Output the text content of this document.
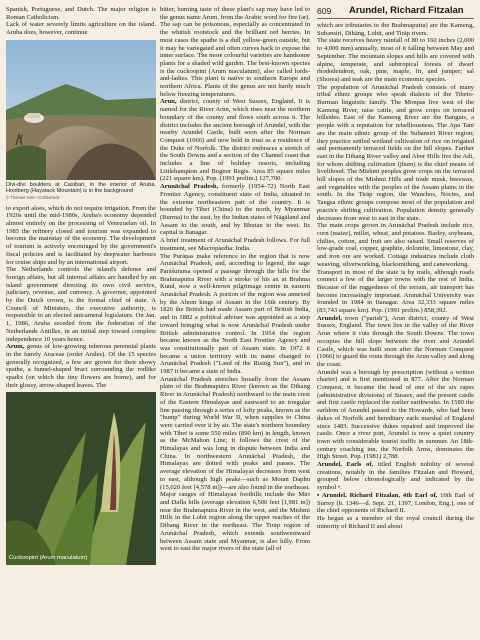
609 Arundel, Richard Fitzalan

Spanish, Portuguese, and Dutch. The major religion is Roman Catholicism.

Lack of water severely limits agriculture on the island. Aruba does, however, continue

Divi-divi boulders at Casibari, in the interior of Aruba. Hooiberg (Haystack Mountain) is in the background
© Thomas Ives—Corbis/rock

to export aloes, which do not require irrigation. From the 1920s until the mid-1980s, Aruba's economy depended almost entirely on the processing of Venezuelan oil. In 1985 the refinery closed and tourism was expanded to become the mainstay of the economy. The development of tourism is actively encouraged by the government's fiscal policies and is facilitated by deepwater harbours for cruise ships and by an international airport.

The Netherlands controls the island's defense and foreign affairs, but all internal affairs are handled by an island government directing its own civil service, judiciary, revenue, and currency. A governor, appointed by the Dutch crown, is the formal chief of state. A Council of Ministers, the executive authority, is responsible to an elected unicameral legislature. On Jan. 1, 1986, Aruba seceded from the federation of the Netherlands Antilles, in an initial step toward complete independence 10 years hence.

Arum, genus of low-growing tuberous perennial plants in the family Araceae (order Arales). Of the 15 species generally recognized, a few are grown for their showy spathe, a funnel-shaped bract surrounding the rodlike spadix (on which the tiny flowers are borne), and for their glossy, arrow-shaped leaves. The

Cuckoopint (Arum maculatum)

bitter, burning taste of these plant's sap may have led to the genus name Arum, from the Arabic word for fire (ar). The sap can be poisonous, especially as concentrated in the whitish rootstock and the brilliant red berries. In most cases the spathe is a dull yellow-green outside, but it may be variegated and often curves back to expose the inner surface. The more colourful varieties are handsome plants for a shaded wild garden. The best-known species is the cuckoopint (Arum maculatum), also called lords-and-ladies. This plant is native to southern Europe and northern Africa. Plants of the genus are not hardy much below freezing temperatures.

Arun, district, county of West Sussex, England. It is named for the River Arun, which rises near the northern boundary of the county and flows south across it. The district includes the ancient borough of Arundel, with the nearby Arundel Castle, built soon after the Norman Conquest (1066) and now held in trust as a residence of the Duke of Norfolk. The district embraces a stretch of the South Downs and a section of the Channel coast that includes a line of holiday resorts, including Littlehampton and Bognor Regis. Area 85 square miles (221 square km). Pop. (1991 prelim.) 127,700.

Arunāchal Pradesh, formerly (1954–72) North East Frontier Agency, constituent state of India, situated in the extreme northeastern part of the country. It is bounded by Tibet (China) to the north, by Myanmar (Burma) to the east, by the Indian states of Nāgāland and Assam to the south, and by Bhutan to the west. Its capital is Itanagar.

A brief treatment of Arunāchal Pradesh follows. For full treatment, see Macropaedia: India.

The Purāṇas make reference to the region that is now Arunāchal Pradesh, and, according to legend, the sage Parāśurama opened a passage through the hills for the Brahmaputra River with a stroke of his ax at Brahma Kund, now a well-known pilgrimage centre in eastern Arunāchal Pradesh. A portion of the region was annexed by the Ahom kings of Assam in the 16th century. By 1826 the British had made Assam part of British India, and in 1882 a political adviser was appointed as a step toward bringing what is now Arunāchal Pradesh under British administrative control. In 1954 the region became known as the North East Frontier Agency and was constitutionally part of Assam state. In 1972 it became a union territory with its name changed to Arunāchal Pradesh ("Land of the Rising Sun"), and in 1987 it became a state of India.

Arunāchal Pradesh stretches broadly from the Assam plain of the Brahmaputra River (known as the Dihang River in Arunāchal Pradesh) northward to the main crest of the Eastern Himalayas and eastward to an irregular line passing through a series of lofty peaks, known as the "hump" during World War II, when supplies to China were carried over it by air. The state's northern boundary with Tibet is some 550 miles (890 km) in length, known as the McMahon Line; it follows the crest of the Himalayas and was long in dispute between India and China. In northwestern Arunāchal Pradesh, the Himalayas are dotted with peaks and passes. The average elevation of the Himalayas decreases from west to east, although high peaks—such as Mount Daphu (15,020 feet [4,578 m])—are also found in the northeast. Major ranges of Himalayan foothills include the Miri and Dafla hills (average elevation 6,500 feet [1,981 m]) near the Brahmaputra River in the west, and the Mishmi Hills in the Lohit region along the upper reaches of the Dibang River in the northeast. The Tirāp region of Arunāchal Pradesh, which extends southwestward between Assam state and Myanmar, is also hilly. From west to east the major rivers of the state (all of

which are tributaries to the Brahmaputra) are the Kameng, Subansiri, Dihāng, Lohit, and Tirāp rivers.

The state receives heavy rainfall of 80 to 160 inches (2,000 to 4,000 mm) annually, most of it falling between May and September. The mountain slopes and hills are covered with alpine, temperate, and subtropical forests of dwarf rhododendron, oak, pine, maple, fir, and juniper; sal (Shorea) and teak are the main economic species.

The population of Arunāchal Pradesh consists of many tribal ethnic groups who speak dialects of the Tibeto-Burman linguistic family. The Monpas live west of the Kameng River, raise cattle, and grow crops on terraced hillsides. East of the Kameng River are the Banguis, a people with a reputation for rebelliousness. The Apa Tani are the main ethnic group of the Subansiri River region; they practice settled wetland cultivation of rice on irrigated and permanently terraced fields on the hill slopes. Farther east in the Dihang River valley and Abor Hills live the Adi, for whom shifting cultivation (jhum) is the chief means of livelihood. The Mishmi peoples grow crops on the terraced hill slopes of the Mishmi Hills and trade musk, beeswax, and vegetables with the peoples of the Assam plains in the south. In the Tirāp region, the Wanchos, Noctes, and Tangsa ethnic groups compose most of the population and practice shifting cultivation. Population density generally decreases from west to east in the state.

The main crops grown in Arunāchal Pradesh include rice, corn (maize), millet, wheat, and potatoes. Barley, soybeans, chilies, cotton, and fruit are also raised. Small reserves of low-grade coal, copper, graphite, dolomite, limestone, clay, and iron ore are worked. Cottage industries include cloth weaving, silverworking, blacksmithing, and caneworking.

Transport in most of the state is by trails, although roads connect a few of the larger towns with the rest of India. Because of the ruggedness of the terrain, air transport has become increasingly important. Arunāchal University was founded in 1984 in Itanagar. Area 32,333 square miles (83,743 square km). Pop. (1991 prelim.) 858,392.

Arundel, town ("parish"), Arun district, county of West Sussex, England. The town lies in the valley of the River Arun where it cuts through the South Downs. The town occupies the hill slope between the river and Arundel Castle, which was built soon after the Norman Conquest (1066) to guard the route through the Arun valley and along the coast.

Arundel was a borough by prescription (without a written charter) and is first mentioned in 877. After the Norman Conquest, it became the head of one of the six rapes (administrative divisions) of Sussex, and the present castle and first castle replaced the earlier earthworks. In 1580 the earldom of Arundel passed to the Howards, who had been dukes of Norfolk and hereditary earls marshal of England since 1483. Successive dukes repaired and improved the castle. Once a river port, Arundel is now a quiet country town with considerable tourist traffic in summer. An 18th-century coaching inn, the Norfolk Arms, dominates the High Street. Pop. (1981) 2,788.

Arundel, Earls of, titled English nobility of several creations, notably in the families Fitzalan and Howard, grouped below chronologically and indicated by the symbol •.

• Arundel, Richard Fitzalan, 4th Earl of, 10th Earl of Surrey (b. 1346—d. Sept. 21, 1397, London, Eng.), one of the chief opponents of Richard II.

He began as a member of the royal council during the minority of Richard II and about
